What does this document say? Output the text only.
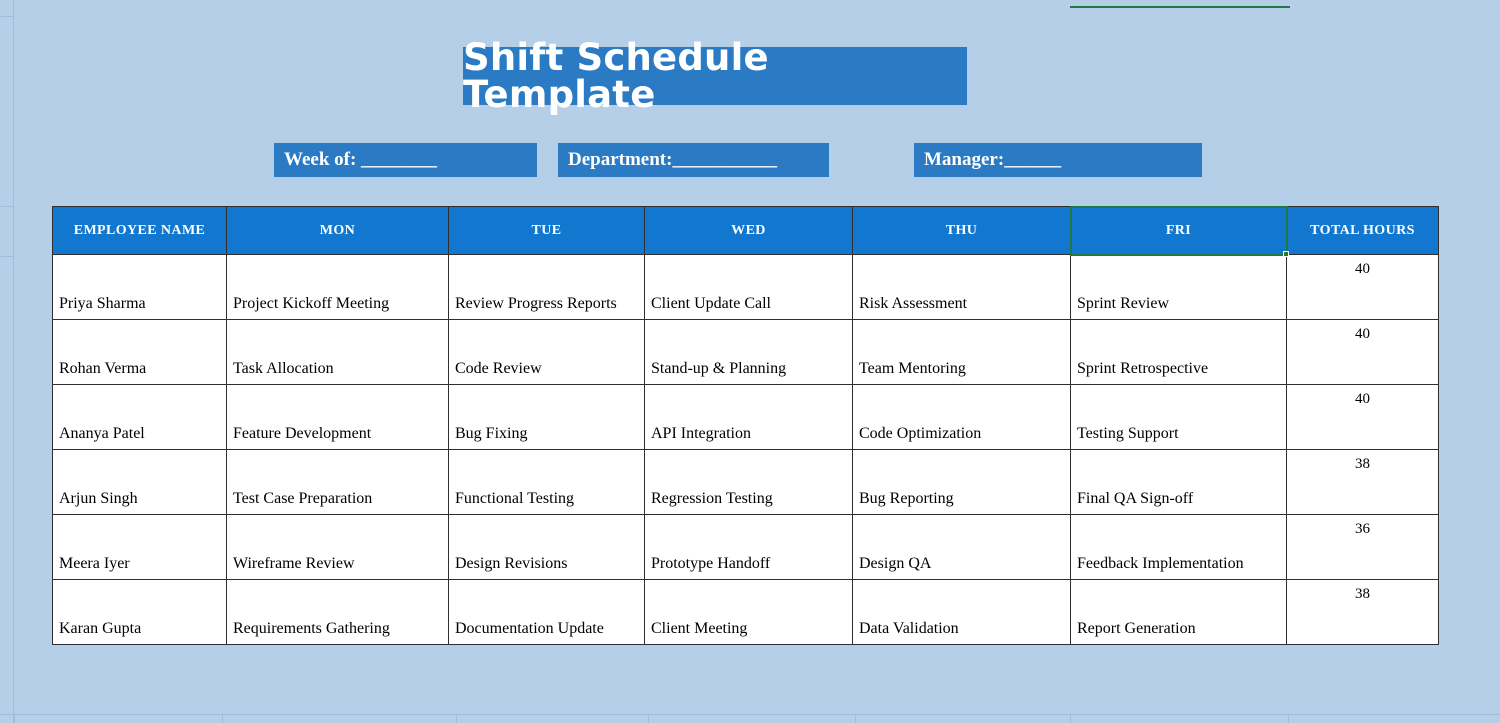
Shift Schedule Template
Week of : ________	Department: ___________	Manager: ______
EMPLOYEE NAME	MON	TUE	WED	THU	FRI	TOTAL HOURS
Priya Sharma	Project Kickoff Meeting	Review Progress Reports	Client Update Call	Risk Assessment	Sprint Review	40
Rohan Verma	Task Allocation	Code Review	Stand-up & Planning	Team Mentoring	Sprint Retrospective	40
Ananya Patel	Feature Development	Bug Fixing	API Integration	Code Optimization	Testing Support	40
Arjun Singh	Test Case Preparation	Functional Testing	Regression Testing	Bug Reporting	Final QA Sign-off	38
Meera Iyer	Wireframe Review	Design Revisions	Prototype Handoff	Design QA	Feedback Implementation	36
Karan Gupta	Requirements Gathering	Documentation Update	Client Meeting	Data Validation	Report Generation	38
